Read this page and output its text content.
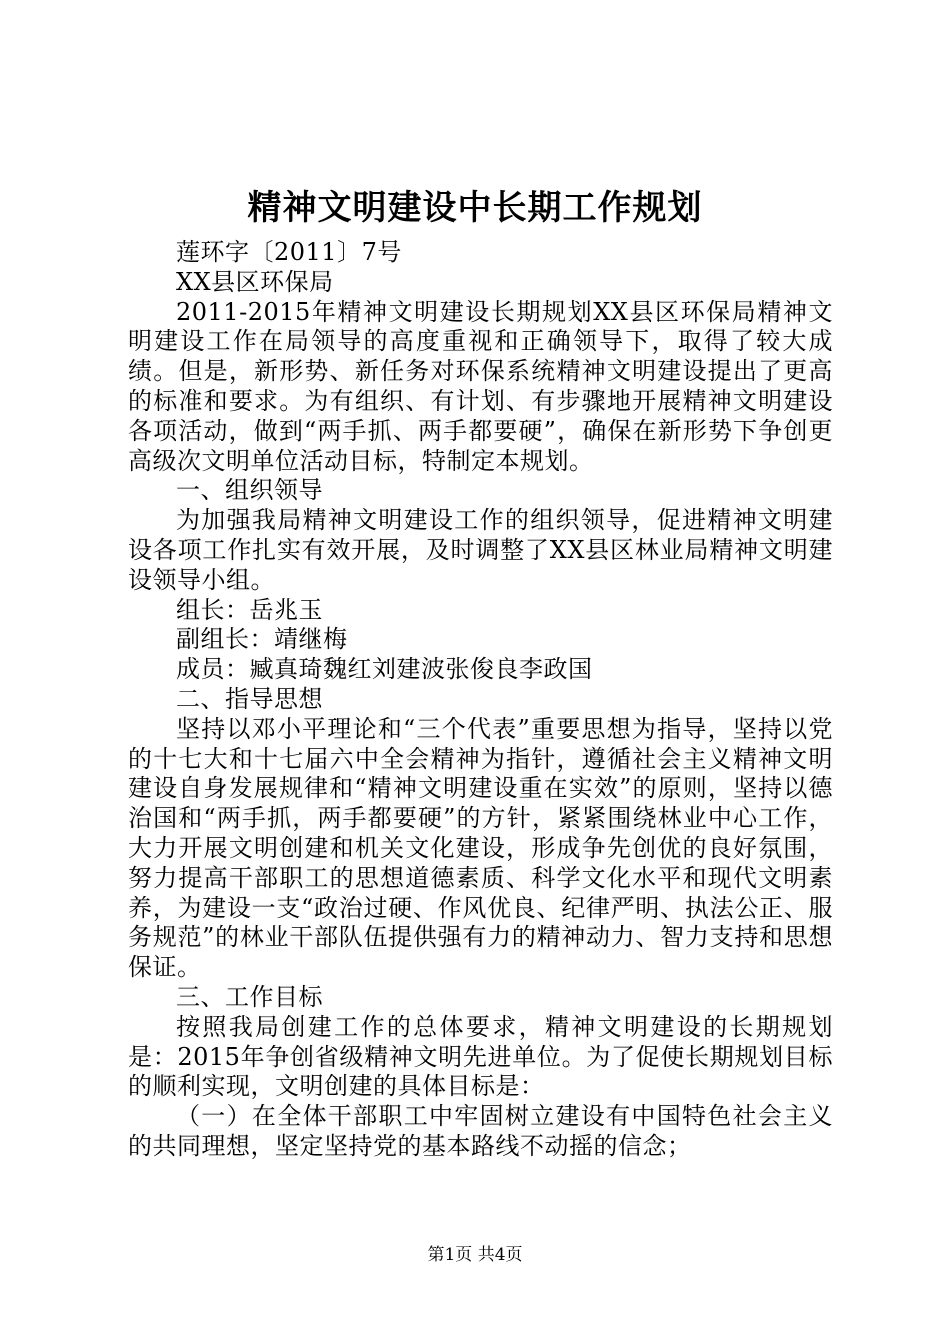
精神文明建设中长期工作规划

莲环字〔2011〕7号

XX县区环保局

2011-2015年精神文明建设长期规划XX县区环保局精神文明建设工作在局领导的高度重视和正确领导下，取得了较大成绩。但是，新形势、新任务对环保系统精神文明建设提出了更高的标准和要求。为有组织、有计划、有步骤地开展精神文明建设各项活动，做到“两手抓、两手都要硬”，确保在新形势下争创更高级次文明单位活动目标，特制定本规划。

一、组织领导

为加强我局精神文明建设工作的组织领导，促进精神文明建设各项工作扎实有效开展，及时调整了XX县区林业局精神文明建设领导小组。

组长：岳兆玉

副组长：靖继梅

成员：臧真琦魏红刘建波张俊良李政国

二、指导思想

坚持以邓小平理论和“三个代表”重要思想为指导，坚持以党的十七大和十七届六中全会精神为指针，遵循社会主义精神文明建设自身发展规律和“精神文明建设重在实效”的原则，坚持以德治国和“两手抓，两手都要硬”的方针，紧紧围绕林业中心工作，大力开展文明创建和机关文化建设，形成争先创优的良好氛围，努力提高干部职工的思想道德素质、科学文化水平和现代文明素养，为建设一支“政治过硬、作风优良、纪律严明、执法公正、服务规范”的林业干部队伍提供强有力的精神动力、智力支持和思想保证。

三、工作目标

按照我局创建工作的总体要求，精神文明建设的长期规划是：2015年争创省级精神文明先进单位。为了促使长期规划目标的顺利实现，文明创建的具体目标是：

（一）在全体干部职工中牢固树立建设有中国特色社会主义的共同理想，坚定坚持党的基本路线不动摇的信念；

第1页 共4页
